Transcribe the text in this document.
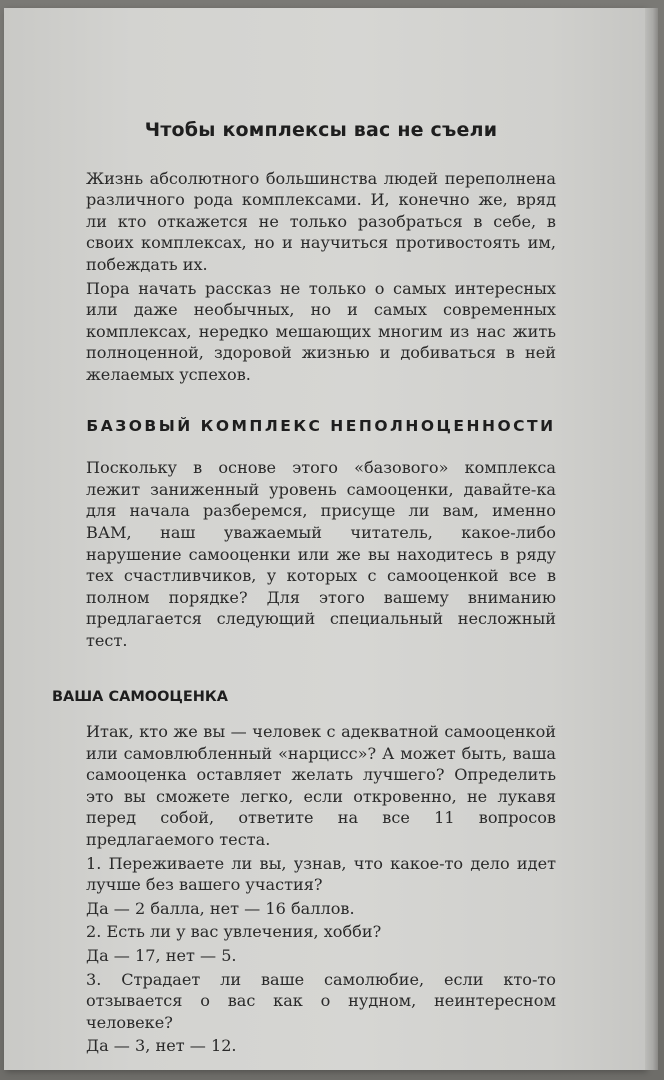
Чтобы комплексы вас не съели

Жизнь абсолютного большинства людей переполнена различного рода комплексами. И, конечно же, вряд ли кто откажется не только разобраться в себе, в своих комплексах, но и научиться противостоять им, побеждать их.

Пора начать рассказ не только о самых интересных или даже необычных, но и самых современных комплексах, нередко мешающих многим из нас жить полноценной, здоровой жизнью и добиваться в ней желаемых успехов.

БАЗОВЫЙ КОМПЛЕКС НЕПОЛНОЦЕННОСТИ

Поскольку в основе этого «базового» комплекса лежит заниженный уровень самооценки, давайте-ка для начала разберемся, присуще ли вам, именно ВАМ, наш уважаемый читатель, какое-либо нарушение самооценки или же вы находитесь в ряду тех счастливчиков, у которых с самооценкой все в полном порядке? Для этого вашему вниманию предлагается следующий специальный несложный тест.

ВАША САМООЦЕНКА

Итак, кто же вы — человек с адекватной самооценкой или самовлюбленный «нарцисс»? А может быть, ваша самооценка оставляет желать лучшего? Определить это вы сможете легко, если откровенно, не лукавя перед собой, ответите на все 11 вопросов предлагаемого теста.

1. Переживаете ли вы, узнав, что какое-то дело идет лучше без вашего участия?

Да — 2 балла, нет — 16 баллов.

2. Есть ли у вас увлечения, хобби?

Да — 17, нет — 5.

3. Страдает ли ваше самолюбие, если кто-то отзывается о вас как о нудном, неинтересном человеке?

Да — 3, нет — 12.
